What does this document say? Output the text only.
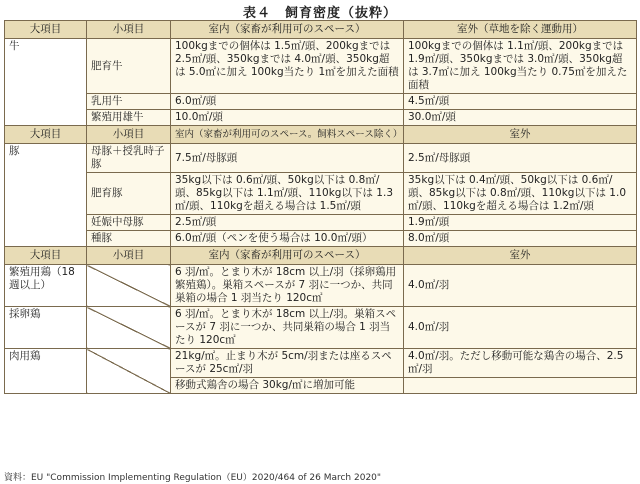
表４　飼育密度（抜粋）
大項目	小項目	室内（家畜が利用可のスペース）	室外（草地を除く運動用）
牛	肥育牛	100kgまでの個体は 1.5㎡/頭、200kgまでは 2.5㎡/頭、350kgまでは 4.0㎡/頭、350kg超は 5.0㎡に加え 100kg当たり 1㎡を加えた面積	100kgまでの個体は 1.1㎡/頭、200kgまでは 1.9㎡/頭、350kgまでは 3.0㎡/頭、350kg超は 3.7㎡に加え 100kg当たり 0.75㎡を加えた面積
	乳用牛	6.0㎡/頭	4.5㎡/頭
	繁殖用雄牛	10.0㎡/頭	30.0㎡/頭
大項目	小項目	室内（家畜が利用可のスペース。飼料スペース除く）	室外
豚	母豚＋授乳時子豚	7.5㎡/母豚頭	2.5㎡/母豚頭
	肥育豚	35kg以下は 0.6㎡/頭、50kg以下は 0.8㎡/頭、85kg以下は 1.1㎡/頭、110kg以下は 1.3㎡/頭、110kgを超える場合は 1.5㎡/頭	35kg以下は 0.4㎡/頭、50kg以下は 0.6㎡/頭、85kg以下は 0.8㎡/頭、110kg以下は 1.0㎡/頭、110kgを超える場合は 1.2㎡/頭
	妊娠中母豚	2.5㎡/頭	1.9㎡/頭
	種豚	6.0㎡/頭（ペンを使う場合は 10.0㎡/頭）	8.0㎡/頭
大項目	小項目	室内（家畜が利用可のスペース）	室外
繁殖用鶏（18 週以上）		6 羽/㎡。とまり木が 18cm 以上/羽（採卵鶏用繁殖鶏）。巣箱スペースが 7 羽に一つか、共同巣箱の場合 1 羽当たり 120c㎡	4.0㎡/羽
採卵鶏		6 羽/㎡。とまり木が 18cm 以上/羽。巣箱スペースが 7 羽に一つか、共同巣箱の場合 1 羽当たり 120c㎡	4.0㎡/羽
肉用鶏		21kg/㎡。止まり木が 5cm/羽または座るスペースが 25c㎡/羽	4.0㎡/羽。ただし移動可能な鶏舎の場合、2.5㎡/羽
		移動式鶏舎の場合 30kg/㎡に増加可能	
資料：EU "Commission Implementing Regulation（EU）2020/464 of 26 March 2020"
